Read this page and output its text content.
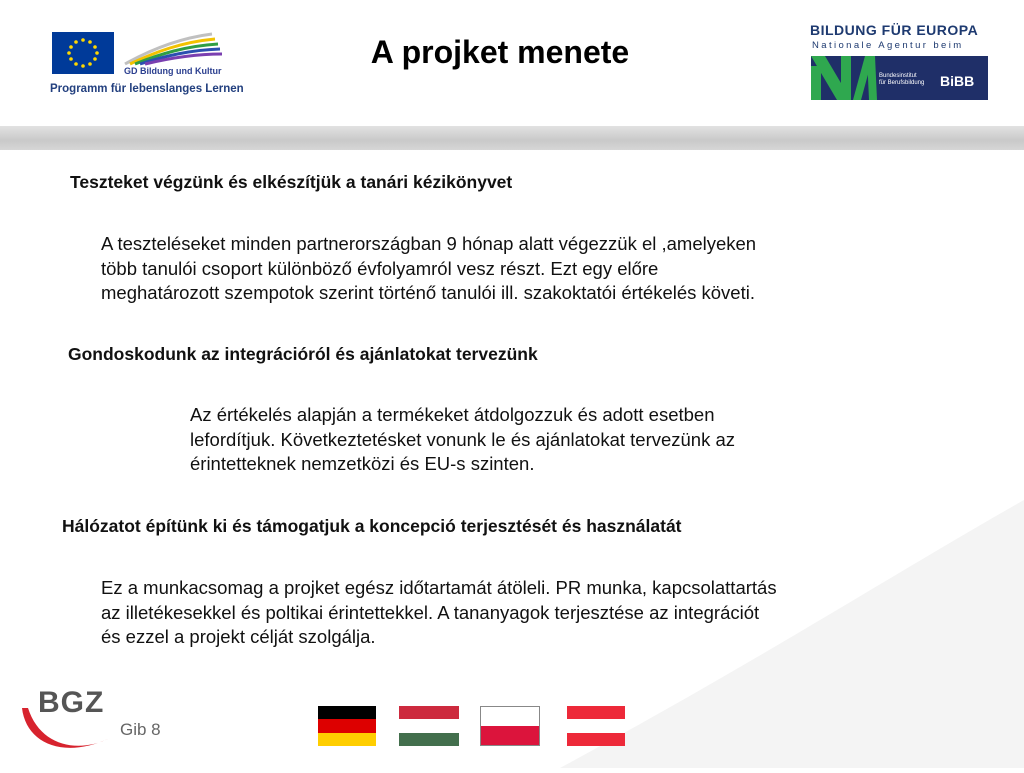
A projket menete
GD Bildung und Kultur
Programm für lebenslanges Lernen
BILDUNG FÜR EUROPA
Nationale Agentur beim
Bundesinstitut
für Berufsbildung BiBB
Teszteket végzünk és elkészítjük a tanári kézikönyvet
A teszteléseket minden partnerországban 9 hónap alatt végezzük el ,amelyeken
több tanulói csoport különböző évfolyamról vesz részt. Ezt egy előre
meghatározott szempotok szerint történő tanulói ill. szakoktatói értékelés követi.
Gondoskodunk az integrációról és ajánlatokat tervezünk
Az értékelés alapján a termékeket átdolgozzuk és adott esetben
lefordítjuk. Következtetésket vonunk le és ajánlatokat tervezünk az
érintetteknek nemzetközi és EU-s szinten.
Hálózatot építünk ki és támogatjuk a koncepció terjesztését és használatát
Ez a munkacsomag a projket egész időtartamát átöleli. PR munka, kapcsolattartás
az illetékesekkel és poltikai érintettekkel. A tananyagok terjesztése az integrációt
és ezzel a projekt célját szolgálja.
BGZ
Gib 8
